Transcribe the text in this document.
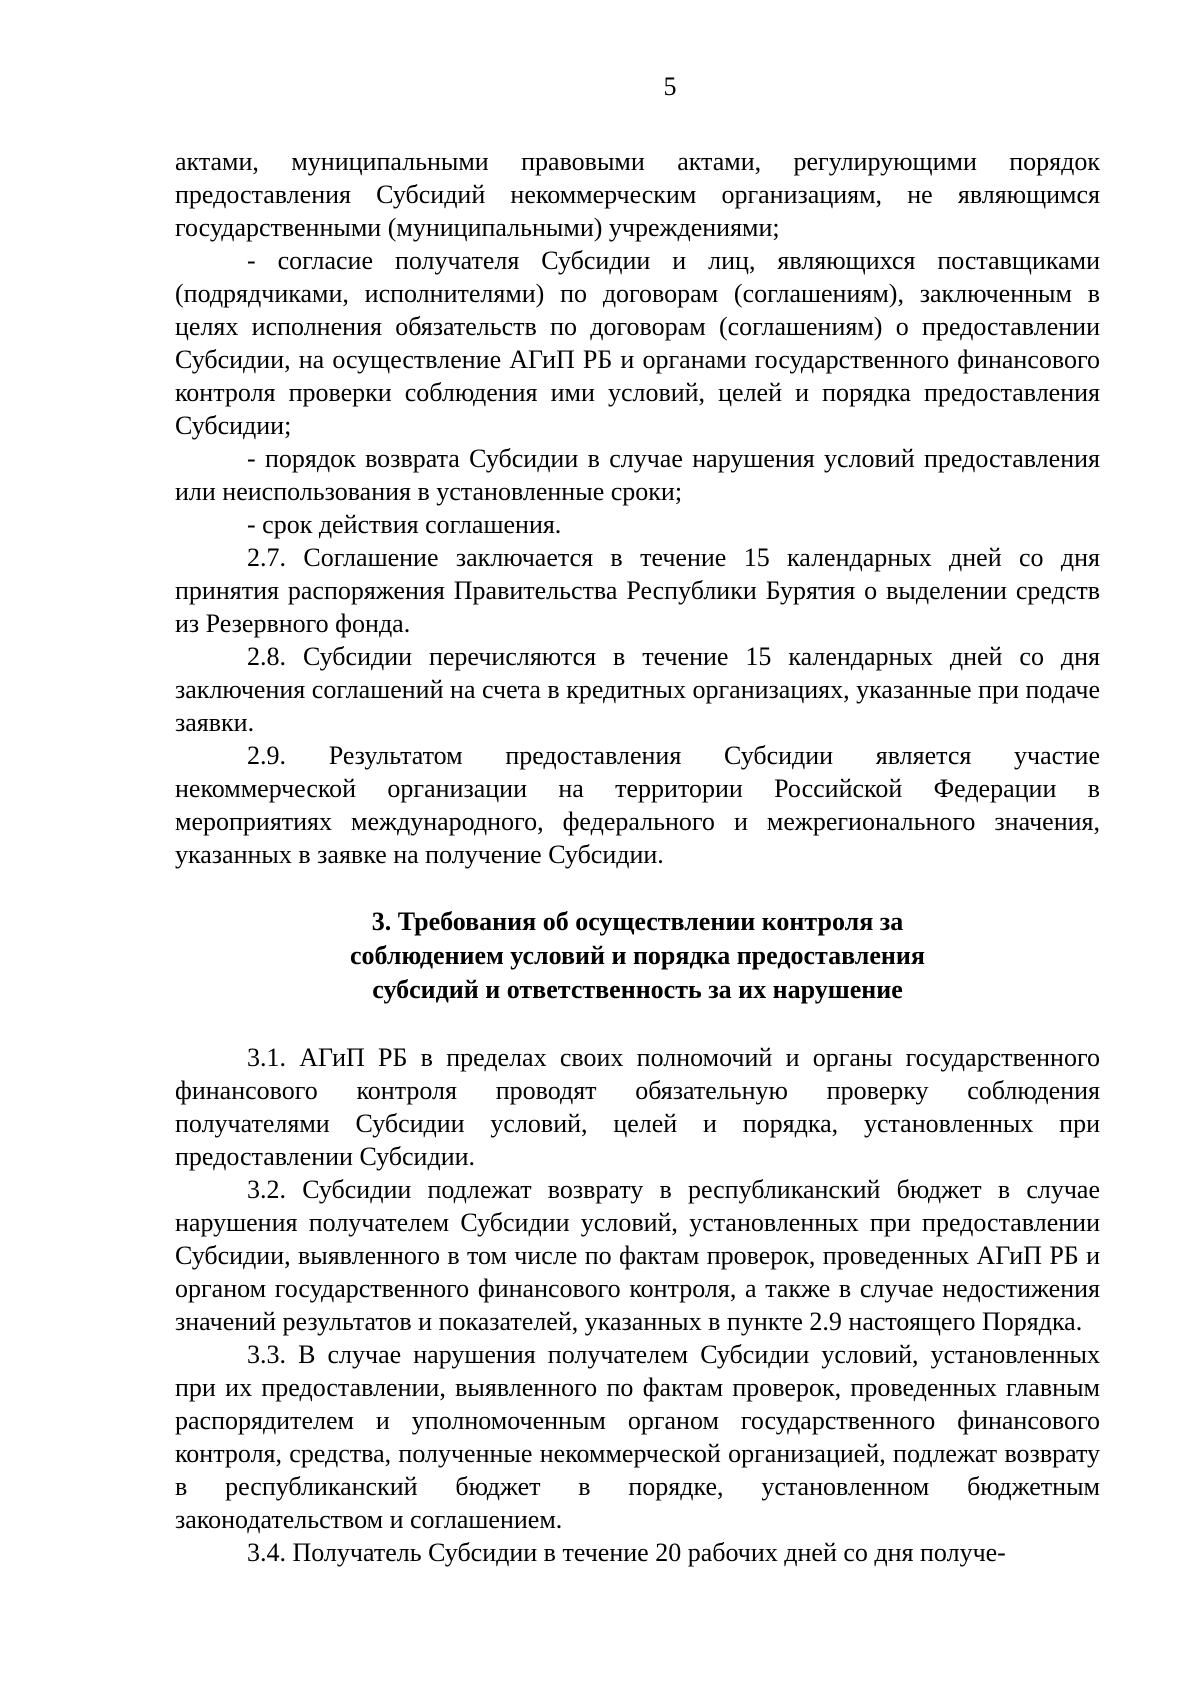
5

актами, муниципальными правовыми актами, регулирующими порядок предоставления Субсидий некоммерческим организациям, не являющимся государственными (муниципальными) учреждениями;

- согласие получателя Субсидии и лиц, являющихся поставщиками (подрядчиками, исполнителями) по договорам (соглашениям), заключенным в целях исполнения обязательств по договорам (соглашениям) о предоставлении Субсидии, на осуществление АГиП РБ и органами государственного финансового контроля проверки соблюдения ими условий, целей и порядка предоставления Субсидии;

- порядок возврата Субсидии в случае нарушения условий предоставления или неиспользования в установленные сроки;

- срок действия соглашения.

2.7. Соглашение заключается в течение 15 календарных дней со дня принятия распоряжения Правительства Республики Бурятия о выделении средств из Резервного фонда.

2.8. Субсидии перечисляются в течение 15 календарных дней со дня заключения соглашений на счета в кредитных организациях, указанные при подаче заявки.

2.9. Результатом предоставления Субсидии является участие некоммерческой организации на территории Российской Федерации в мероприятиях международного, федерального и межрегионального значения, указанных в заявке на получение Субсидии.

3. Требования об осуществлении контроля за
соблюдением условий и порядка предоставления
субсидий и ответственность за их нарушение

3.1. АГиП РБ в пределах своих полномочий и органы государственного финансового контроля проводят обязательную проверку соблюдения получателями Субсидии условий, целей и порядка, установленных при предоставлении Субсидии.

3.2. Субсидии подлежат возврату в республиканский бюджет в случае нарушения получателем Субсидии условий, установленных при предоставлении Субсидии, выявленного в том числе по фактам проверок, проведенных АГиП РБ и органом государственного финансового контроля, а также в случае недостижения значений результатов и показателей, указанных в пункте 2.9 настоящего Порядка.

3.3. В случае нарушения получателем Субсидии условий, установленных при их предоставлении, выявленного по фактам проверок, проведенных главным распорядителем и уполномоченным органом государственного финансового контроля, средства, полученные некоммерческой организацией, подлежат возврату в республиканский бюджет в порядке, установленном бюджетным законодательством и соглашением.

3.4. Получатель Субсидии в течение 20 рабочих дней со дня получе-
